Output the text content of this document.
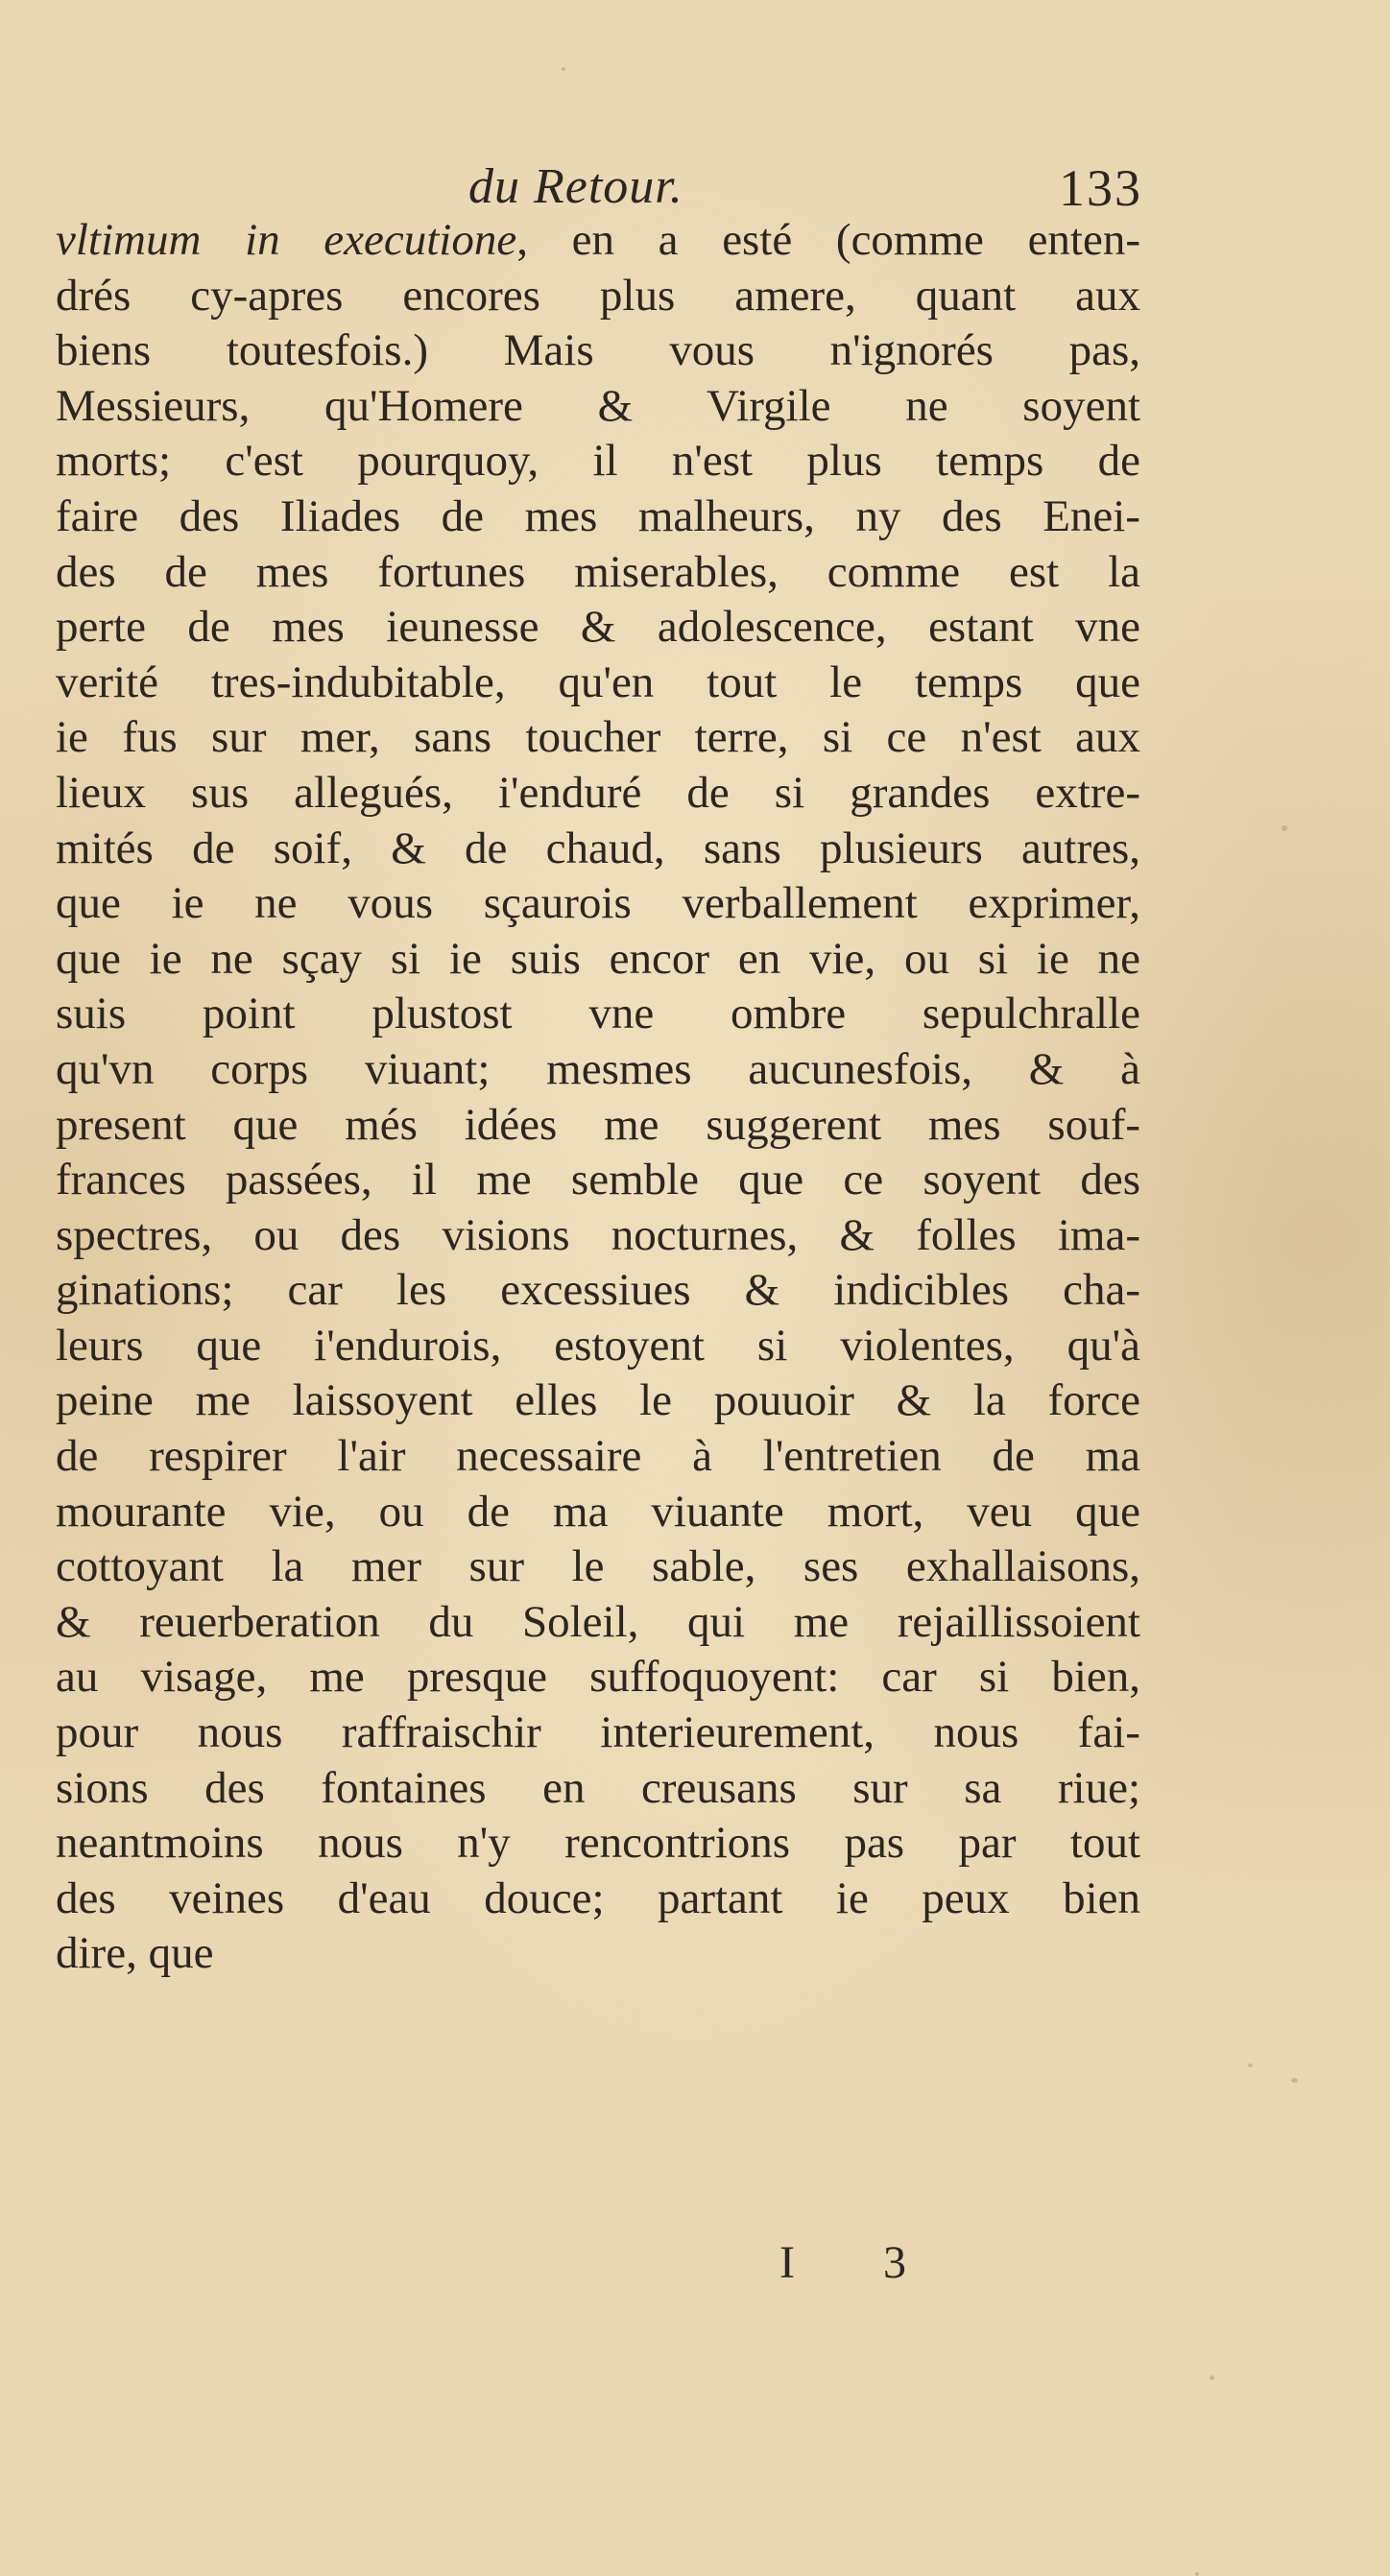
du Retour.	133
vltimum in executione, en a esté (comme enten-
drés cy-apres encores plus amere, quant aux
biens toutesfois.) Mais vous n'ignorés pas,
Messieurs, qu'Homere & Virgile ne soyent
morts; c'est pourquoy, il n'est plus temps de
faire des Iliades de mes malheurs, ny des Enei-
des de mes fortunes miserables, comme est la
perte de mes ieunesse & adolescence, estant vne
verité tres-indubitable, qu'en tout le temps que
ie fus sur mer, sans toucher terre, si ce n'est aux
lieux sus allegués, i'enduré de si grandes extre-
mités de soif, & de chaud, sans plusieurs autres,
que ie ne vous sçaurois verballement exprimer,
que ie ne sçay si ie suis encor en vie, ou si ie ne
suis point plustost vne ombre sepulchralle
qu'vn corps viuant; mesmes aucunesfois, & à
present que més idées me suggerent mes souf-
frances passées, il me semble que ce soyent des
spectres, ou des visions nocturnes, & folles ima-
ginations; car les excessiues & indicibles cha-
leurs que i'endurois, estoyent si violentes, qu'à
peine me laissoyent elles le pouuoir & la force
de respirer l'air necessaire à l'entretien de ma
mourante vie, ou de ma viuante mort, veu que
cottoyant la mer sur le sable, ses exhallaisons,
& reuerberation du Soleil, qui me rejaillissoient
au visage, me presque suffoquoyent: car si bien,
pour nous raffraischir interieurement, nous fai-
sions des fontaines en creusans sur sa riue;
neantmoins nous n'y rencontrions pas par tout
des veines d'eau douce; partant ie peux bien
dire, que
I 3
